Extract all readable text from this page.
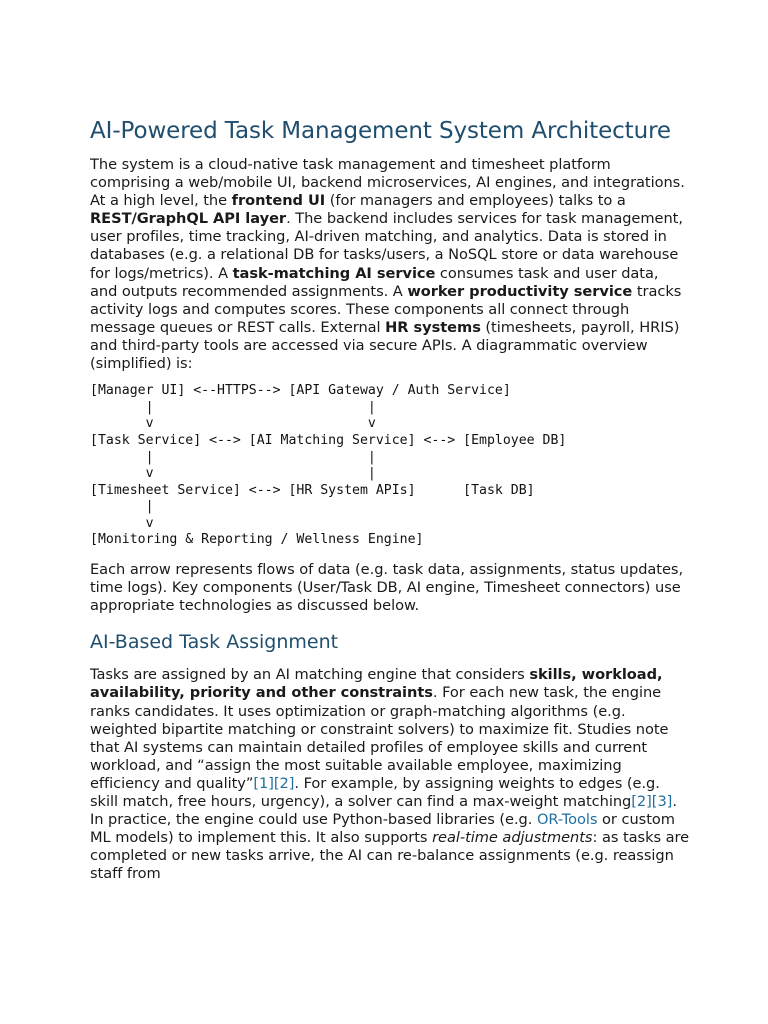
AI-Powered Task Management System Architecture

The system is a cloud-native task management and timesheet platform comprising a web/mobile UI, backend microservices, AI engines, and integrations. At a high level, the frontend UI (for managers and employees) talks to a REST/GraphQL API layer. The backend includes services for task management, user profiles, time tracking, AI-driven matching, and analytics. Data is stored in databases (e.g. a relational DB for tasks/users, a NoSQL store or data warehouse for logs/metrics). A task-matching AI service consumes task and user data, and outputs recommended assignments. A worker productivity service tracks activity logs and computes scores. These components all connect through message queues or REST calls. External HR systems (timesheets, payroll, HRIS) and third-party tools are accessed via secure APIs. A diagrammatic overview (simplified) is:

[Manager UI] <--HTTPS--> [API Gateway / Auth Service]
|                           |
v                           v
[Task Service] <--> [AI Matching Service] <--> [Employee DB]
|                           |
v                           |
[Timesheet Service] <--> [HR System APIs]      [Task DB]
|
v
[Monitoring & Reporting / Wellness Engine]

Each arrow represents flows of data (e.g. task data, assignments, status updates, time logs). Key components (User/Task DB, AI engine, Timesheet connectors) use appropriate technologies as discussed below.

AI-Based Task Assignment

Tasks are assigned by an AI matching engine that considers skills, workload, availability, priority and other constraints. For each new task, the engine ranks candidates. It uses optimization or graph-matching algorithms (e.g. weighted bipartite matching or constraint solvers) to maximize fit. Studies note that AI systems can maintain detailed profiles of employee skills and current workload, and “assign the most suitable available employee, maximizing efficiency and quality”[1][2]. For example, by assigning weights to edges (e.g. skill match, free hours, urgency), a solver can find a max-weight matching[2][3]. In practice, the engine could use Python-based libraries (e.g. OR-Tools or custom ML models) to implement this. It also supports real-time adjustments: as tasks are completed or new tasks arrive, the AI can re-balance assignments (e.g. reassign staff from
